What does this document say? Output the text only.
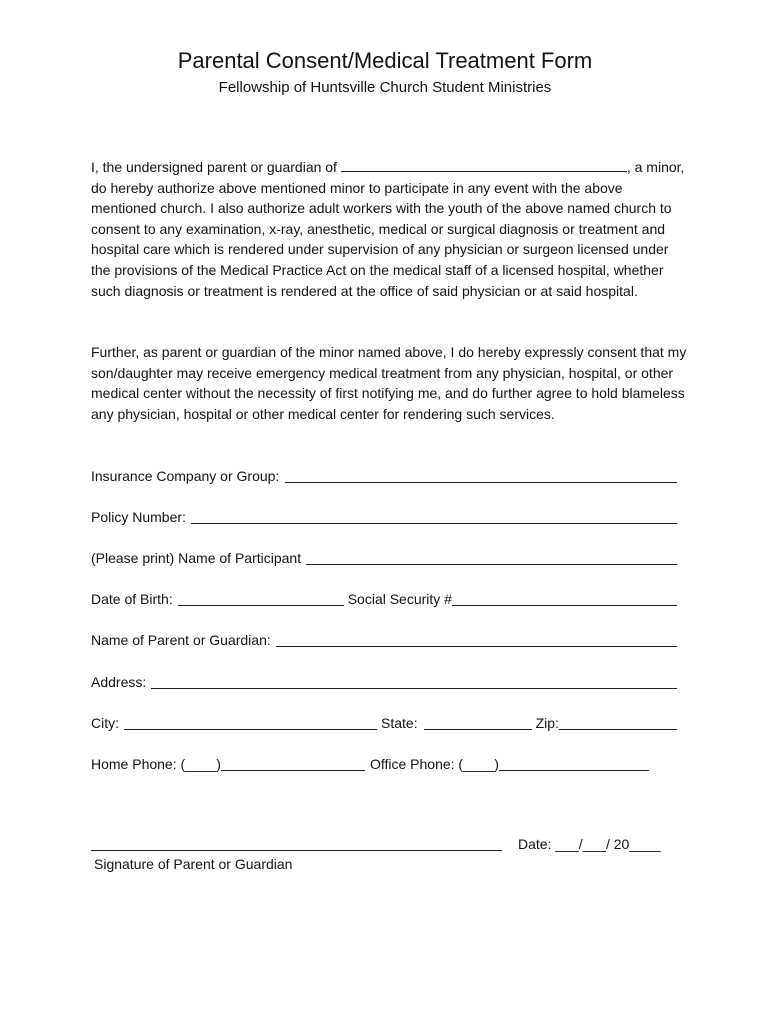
Parental Consent/Medical Treatment Form
Fellowship of Huntsville Church Student Ministries
I, the undersigned parent or guardian of	, a minor, do hereby authorize above mentioned minor to participate in any event with the above mentioned church. I also authorize adult workers with the youth of the above named church to consent to any examination, x-ray, anesthetic, medical or surgical diagnosis or treatment and hospital care which is rendered under supervision of any physician or surgeon licensed under the provisions of the Medical Practice Act on the medical staff of a licensed hospital, whether such diagnosis or treatment is rendered at the office of said physician or at said hospital.
Further, as parent or guardian of the minor named above, I do hereby expressly consent that my son/daughter may receive emergency medical treatment from any physician, hospital, or other medical center without the necessity of first notifying me, and do further agree to hold blameless any physician, hospital or other medical center for rendering such services.
Insurance Company or Group:
Policy Number:
(Please print) Name of Participant
Date of Birth:	Social Security #
Name of Parent or Guardian:
Address:
City:	State:	Zip:
Home Phone: (____)	Office Phone: (____)
Signature of Parent or Guardian
Date: ___/___/ 20____
